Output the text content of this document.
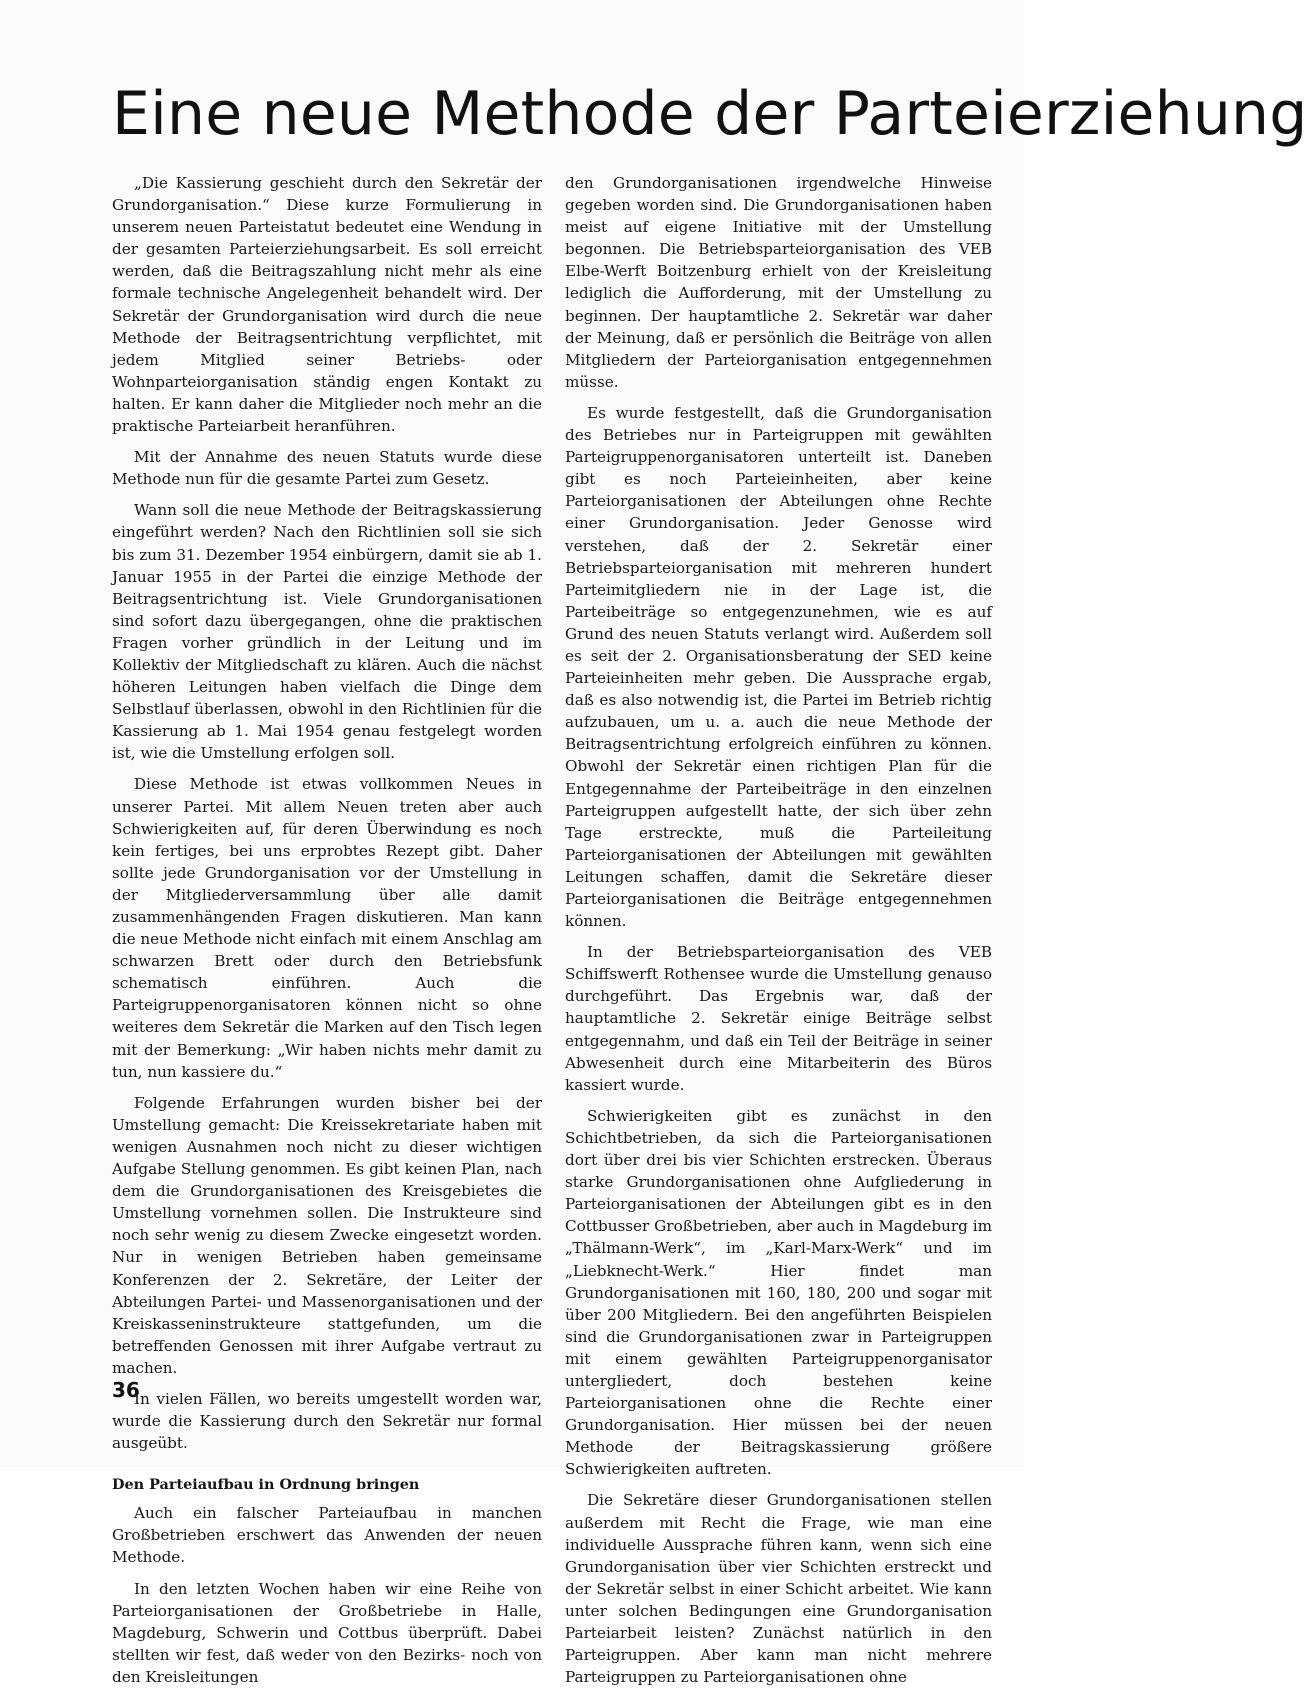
Eine neue Methode der Parteierziehung

„Die Kassierung geschieht durch den Sekretär der Grundorganisation.“ Diese kurze Formulierung in unserem neuen Parteistatut bedeutet eine Wendung in der gesamten Parteierziehungsarbeit. Es soll erreicht werden, daß die Beitragszahlung nicht mehr als eine formale technische Angelegenheit behandelt wird. Der Sekretär der Grundorganisation wird durch die neue Methode der Beitragsentrichtung verpflichtet, mit jedem Mitglied seiner Betriebs- oder Wohnparteiorganisation ständig engen Kontakt zu halten. Er kann daher die Mitglieder noch mehr an die praktische Parteiarbeit heranführen.

Mit der Annahme des neuen Statuts wurde diese Methode nun für die gesamte Partei zum Gesetz.

Wann soll die neue Methode der Beitragskassierung eingeführt werden? Nach den Richtlinien soll sie sich bis zum 31. Dezember 1954 einbürgern, damit sie ab 1. Januar 1955 in der Partei die einzige Methode der Beitragsentrichtung ist. Viele Grundorganisationen sind sofort dazu übergegangen, ohne die praktischen Fragen vorher gründlich in der Leitung und im Kollektiv der Mitgliedschaft zu klären. Auch die nächst höheren Leitungen haben vielfach die Dinge dem Selbstlauf überlassen, obwohl in den Richtlinien für die Kassierung ab 1. Mai 1954 genau festgelegt worden ist, wie die Umstellung erfolgen soll.

Diese Methode ist etwas vollkommen Neues in unserer Partei. Mit allem Neuen treten aber auch Schwierigkeiten auf, für deren Überwindung es noch kein fertiges, bei uns erprobtes Rezept gibt. Daher sollte jede Grundorganisation vor der Umstellung in der Mitgliederversammlung über alle damit zusammenhängenden Fragen diskutieren. Man kann die neue Methode nicht einfach mit einem Anschlag am schwarzen Brett oder durch den Betriebsfunk schematisch einführen. Auch die Parteigruppenorganisatoren können nicht so ohne weiteres dem Sekretär die Marken auf den Tisch legen mit der Bemerkung: „Wir haben nichts mehr damit zu tun, nun kassiere du.“

Folgende Erfahrungen wurden bisher bei der Umstellung gemacht: Die Kreissekretariate haben mit wenigen Ausnahmen noch nicht zu dieser wichtigen Aufgabe Stellung genommen. Es gibt keinen Plan, nach dem die Grundorganisationen des Kreisgebietes die Umstellung vornehmen sollen. Die Instrukteure sind noch sehr wenig zu diesem Zwecke eingesetzt worden. Nur in wenigen Betrieben haben gemeinsame Konferenzen der 2. Sekretäre, der Leiter der Abteilungen Partei- und Massenorganisationen und der Kreiskasseninstrukteure stattgefunden, um die betreffenden Genossen mit ihrer Aufgabe vertraut zu machen.

In vielen Fällen, wo bereits umgestellt worden war, wurde die Kassierung durch den Sekretär nur formal ausgeübt.

Den Parteiaufbau in Ordnung bringen

Auch ein falscher Parteiaufbau in manchen Großbetrieben erschwert das Anwenden der neuen Methode.

In den letzten Wochen haben wir eine Reihe von Parteiorganisationen der Großbetriebe in Halle, Magdeburg, Schwerin und Cottbus überprüft. Dabei stellten wir fest, daß weder von den Bezirks- noch von den Kreisleitungen

den Grundorganisationen irgendwelche Hinweise gegeben worden sind. Die Grundorganisationen haben meist auf eigene Initiative mit der Umstellung begonnen. Die Betriebsparteiorganisation des VEB Elbe-Werft Boitzenburg erhielt von der Kreisleitung lediglich die Aufforderung, mit der Umstellung zu beginnen. Der hauptamtliche 2. Sekretär war daher der Meinung, daß er persönlich die Beiträge von allen Mitgliedern der Parteiorganisation entgegennehmen müsse.

Es wurde festgestellt, daß die Grundorganisation des Betriebes nur in Parteigruppen mit gewählten Parteigruppenorganisatoren unterteilt ist. Daneben gibt es noch Parteieinheiten, aber keine Parteiorganisationen der Abteilungen ohne Rechte einer Grundorganisation. Jeder Genosse wird verstehen, daß der 2. Sekretär einer Betriebsparteiorganisation mit mehreren hundert Parteimitgliedern nie in der Lage ist, die Parteibeiträge so entgegenzunehmen, wie es auf Grund des neuen Statuts verlangt wird. Außerdem soll es seit der 2. Organisationsberatung der SED keine Parteieinheiten mehr geben. Die Aussprache ergab, daß es also notwendig ist, die Partei im Betrieb richtig aufzubauen, um u. a. auch die neue Methode der Beitragsentrichtung erfolgreich einführen zu können. Obwohl der Sekretär einen richtigen Plan für die Entgegennahme der Parteibeiträge in den einzelnen Parteigruppen aufgestellt hatte, der sich über zehn Tage erstreckte, muß die Parteileitung Parteiorganisationen der Abteilungen mit gewählten Leitungen schaffen, damit die Sekretäre dieser Parteiorganisationen die Beiträge entgegennehmen können.

In der Betriebsparteiorganisation des VEB Schiffswerft Rothensee wurde die Umstellung genauso durchgeführt. Das Ergebnis war, daß der hauptamtliche 2. Sekretär einige Beiträge selbst entgegennahm, und daß ein Teil der Beiträge in seiner Abwesenheit durch eine Mitarbeiterin des Büros kassiert wurde.

Schwierigkeiten gibt es zunächst in den Schichtbetrieben, da sich die Parteiorganisationen dort über drei bis vier Schichten erstrecken. Überaus starke Grundorganisationen ohne Aufgliederung in Parteiorganisationen der Abteilungen gibt es in den Cottbusser Großbetrieben, aber auch in Magdeburg im „Thälmann-Werk“, im „Karl-Marx-Werk“ und im „Liebknecht-Werk.“ Hier findet man Grundorganisationen mit 160, 180, 200 und sogar mit über 200 Mitgliedern. Bei den angeführten Beispielen sind die Grundorganisationen zwar in Parteigruppen mit einem gewählten Parteigruppenorganisator untergliedert, doch bestehen keine Parteiorganisationen ohne die Rechte einer Grundorganisation. Hier müssen bei der neuen Methode der Beitragskassierung größere Schwierigkeiten auftreten.

Die Sekretäre dieser Grundorganisationen stellen außerdem mit Recht die Frage, wie man eine individuelle Aussprache führen kann, wenn sich eine Grundorganisation über vier Schichten erstreckt und der Sekretär selbst in einer Schicht arbeitet. Wie kann unter solchen Bedingungen eine Grundorganisation Parteiarbeit leisten? Zunächst natürlich in den Parteigruppen. Aber kann man nicht mehrere Parteigruppen zu Parteiorganisationen ohne

36
